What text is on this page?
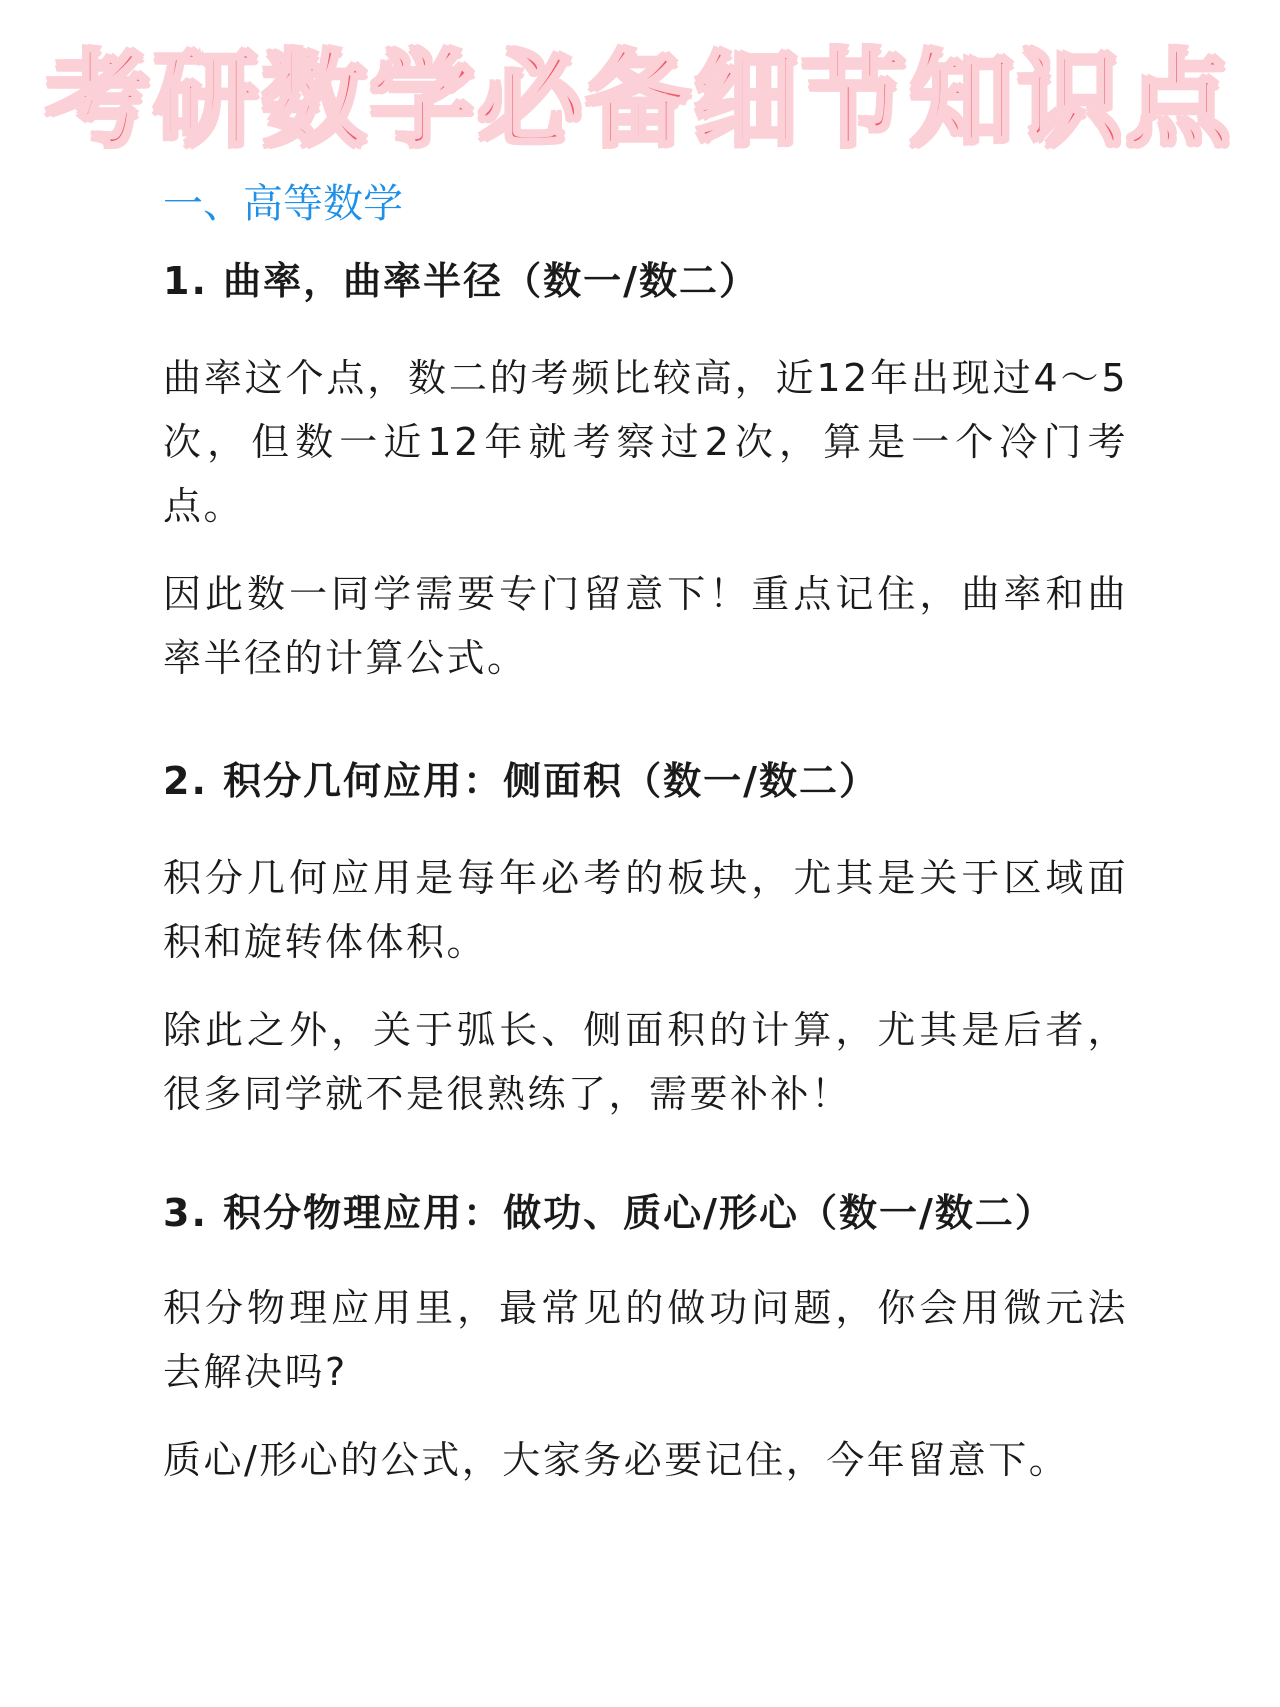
考研数学必备细节知识点
一、高等数学
1. 曲率，曲率半径（数一/数二）

曲率这个点，数二的考频比较高，近12年出现过4～5次，但数一近12年就考察过2次，算是一个冷门考点。

因此数一同学需要专门留意下！重点记住，曲率和曲率半径的计算公式。

2. 积分几何应用：侧面积（数一/数二）

积分几何应用是每年必考的板块，尤其是关于区域面积和旋转体体积。

除此之外，关于弧长、侧面积的计算，尤其是后者，很多同学就不是很熟练了，需要补补！

3. 积分物理应用：做功、质心/形心（数一/数二）

积分物理应用里，最常见的做功问题，你会用微元法去解决吗?

质心/形心的公式，大家务必要记住，今年留意下。
